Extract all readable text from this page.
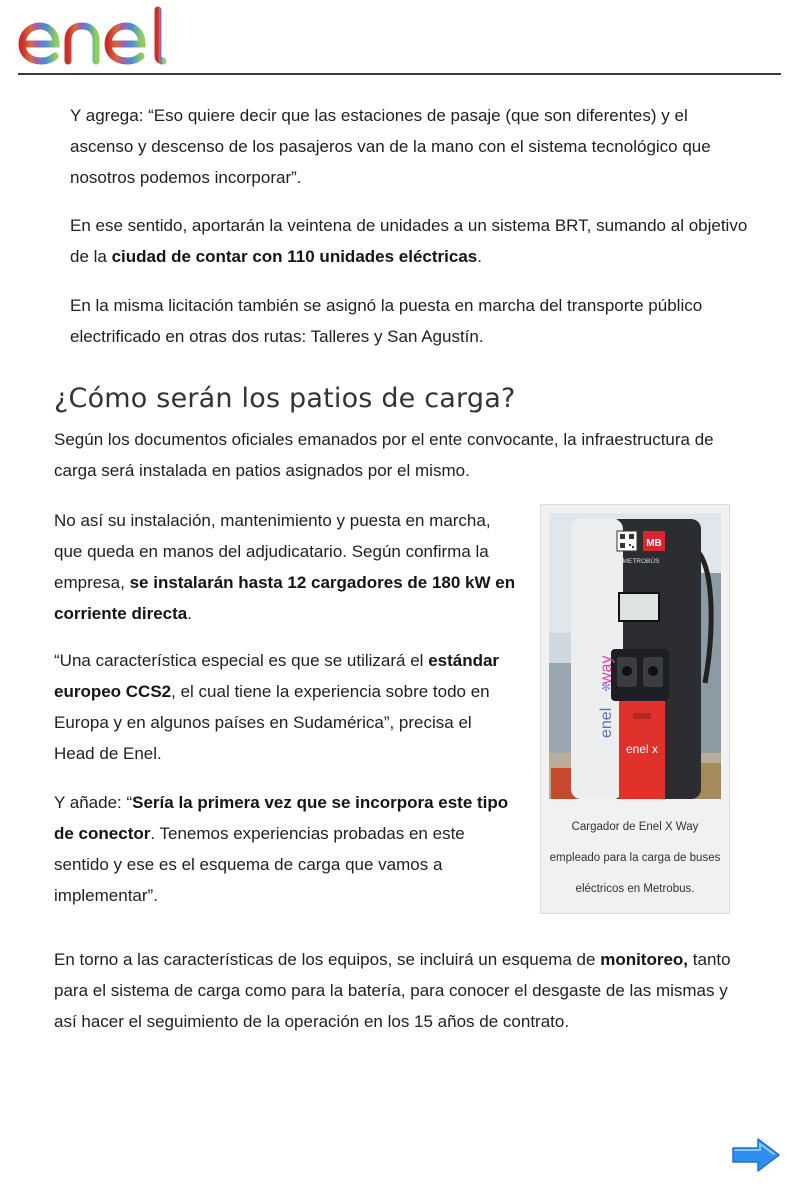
Y agrega: “Eso quiere decir que las estaciones de pasaje (que son diferentes) y el ascenso y descenso de los pasajeros van de la mano con el sistema tecnológico que nosotros podemos incorporar”.

En ese sentido, aportarán la veintena de unidades a un sistema BRT, sumando al objetivo de la ciudad de contar con 110 unidades eléctricas.

En la misma licitación también se asignó la puesta en marcha del transporte público electrificado en otras dos rutas: Talleres y San Agustín.

¿Cómo serán los patios de carga?

Según los documentos oficiales emanados por el ente convocante, la infraestructura de carga será instalada en patios asignados por el mismo.

No así su instalación, mantenimiento y puesta en marcha, que queda en manos del adjudicatario. Según confirma la empresa, se instalarán hasta 12 cargadores de 180 kW en corriente directa.

“Una característica especial es que se utilizará el estándar europeo CCS2, el cual tiene la experiencia sobre todo en Europa y en algunos países en Sudamérica”, precisa el Head de Enel.

Y añade: “Sería la primera vez que se incorpora este tipo de conector. Tenemos experiencias probadas en este sentido y ese es el esquema de carga que vamos a implementar”.

En torno a las características de los equipos, se incluirá un esquema de monitoreo, tanto para el sistema de carga como para la batería, para conocer el desgaste de las mismas y así hacer el seguimiento de la operación en los 15 años de contrato.

MB
METROBÚS
enel x
enel
way
✻
Cargador de Enel X Way empleado para la carga de buses eléctricos en Metrobus.
